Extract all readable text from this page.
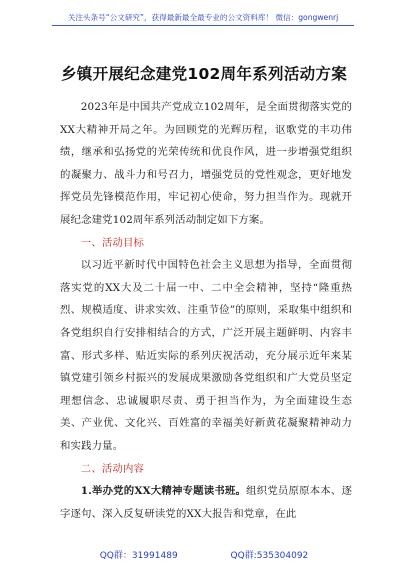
关注头条号“公文研究”，获得最新最全最专业的公文资料库！ 微信：gongwenrj
乡镇开展纪念建党102周年系列活动方案

2023年是中国共产党成立102周年，是全面贯彻落实党的XX大精神开局之年。为回顾党的光辉历程，讴歌党的丰功伟绩，继承和弘扬党的光荣传统和优良作风，进一步增强党组织的凝聚力、战斗力和号召力，增强党员的党性观念，更好地发挥党员先锋模范作用，牢记初心使命，努力担当作为。现就开展纪念建党102周年系列活动制定如下方案。

一、活动目标

以习近平新时代中国特色社会主义思想为指导，全面贯彻落实党的XX大及二十届一中、二中全会精神，坚持“隆重热烈、规模适度、讲求实效、注重节俭”的原则，采取集中组织和各党组织自行安排相结合的方式，广泛开展主题鲜明、内容丰富、形式多样、贴近实际的系列庆祝活动，充分展示近年来某镇党建引领乡村振兴的发展成果激励各党组织和广大党员坚定理想信念、忠诚履职尽责、勇于担当作为，为全面建设生态美、产业优、文化兴、百姓富的幸福美好新黄花凝聚精神动力和实践力量。

二、活动内容

1.举办党的XX大精神专题读书班。组织党员原原本本、逐字逐句、深入反复研读党的XX大报告和党章，在此

QQ群：31991489	QQ群:535304092
